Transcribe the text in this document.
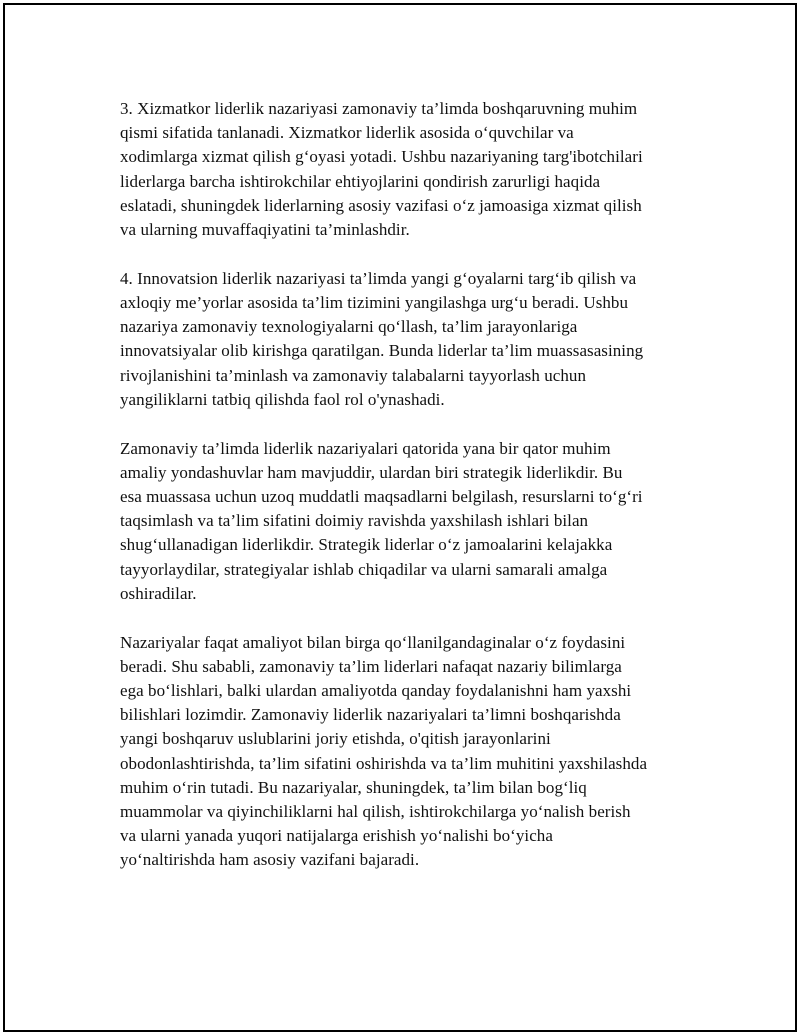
3. Xizmatkor liderlik nazariyasi zamonaviy ta’limda boshqaruvning muhim
qismi sifatida tanlanadi. Xizmatkor liderlik asosida o‘quvchilar va
xodimlarga xizmat qilish g‘oyasi yotadi. Ushbu nazariyaning targ'ibotchilari
liderlarga barcha ishtirokchilar ehtiyojlarini qondirish zarurligi haqida
eslatadi, shuningdek liderlarning asosiy vazifasi o‘z jamoasiga xizmat qilish
va ularning muvaffaqiyatini ta’minlashdir.

4. Innovatsion liderlik nazariyasi ta’limda yangi g‘oyalarni targ‘ib qilish va
axloqiy me’yorlar asosida ta’lim tizimini yangilashga urg‘u beradi. Ushbu
nazariya zamonaviy texnologiyalarni qo‘llash, ta’lim jarayonlariga
innovatsiyalar olib kirishga qaratilgan. Bunda liderlar ta’lim muassasasining
rivojlanishini ta’minlash va zamonaviy talabalarni tayyorlash uchun
yangiliklarni tatbiq qilishda faol rol o'ynashadi.

Zamonaviy ta’limda liderlik nazariyalari qatorida yana bir qator muhim
amaliy yondashuvlar ham mavjuddir, ulardan biri strategik liderlikdir. Bu
esa muassasa uchun uzoq muddatli maqsadlarni belgilash, resurslarni to‘g‘ri
taqsimlash va ta’lim sifatini doimiy ravishda yaxshilash ishlari bilan
shug‘ullanadigan liderlikdir. Strategik liderlar o‘z jamoalarini kelajakka
tayyorlaydilar, strategiyalar ishlab chiqadilar va ularni samarali amalga
oshiradilar.

Nazariyalar faqat amaliyot bilan birga qo‘llanilgandaginalar o‘z foydasini
beradi. Shu sababli, zamonaviy ta’lim liderlari nafaqat nazariy bilimlarga
ega bo‘lishlari, balki ulardan amaliyotda qanday foydalanishni ham yaxshi
bilishlari lozimdir. Zamonaviy liderlik nazariyalari ta’limni boshqarishda
yangi boshqaruv uslublarini joriy etishda, o'qitish jarayonlarini
obodonlashtirishda, ta’lim sifatini oshirishda va ta’lim muhitini yaxshilashda
muhim o‘rin tutadi. Bu nazariyalar, shuningdek, ta’lim bilan bog‘liq
muammolar va qiyinchiliklarni hal qilish, ishtirokchilarga yo‘nalish berish
va ularni yanada yuqori natijalarga erishish yo‘nalishi bo‘yicha
yo‘naltirishda ham asosiy vazifani bajaradi.
